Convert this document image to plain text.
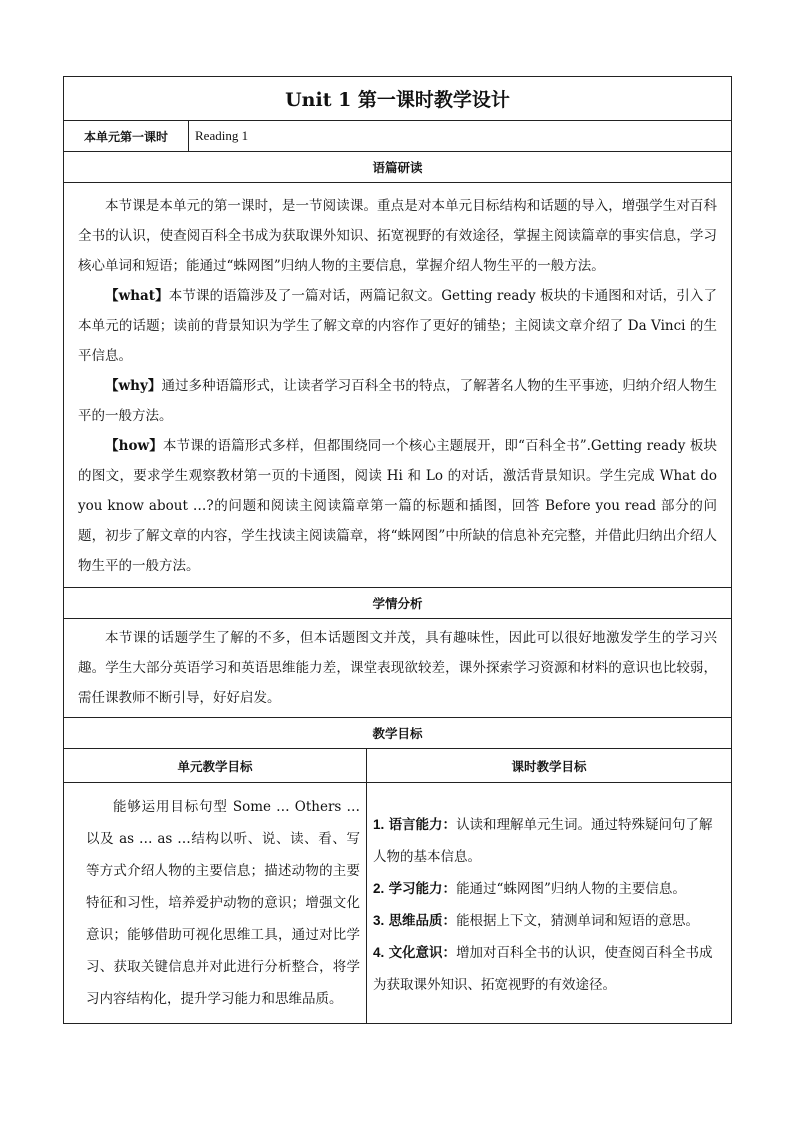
Unit 1 第一课时教学设计		
本单元第一课时	Reading 1	
语篇研读		

本节课是本单元的第一课时，是一节阅读课。重点是对本单元目标结构和话题的导入，增强学生对百科全书的认识，使查阅百科全书成为获取课外知识、拓宽视野的有效途径，掌握主阅读篇章的事实信息，学习核心单词和短语；能通过“蛛网图”归纳人物的主要信息，掌握介绍人物生平的一般方法。

【what】本节课的语篇涉及了一篇对话，两篇记叙文。Getting ready 板块的卡通图和对话，引入了本单元的话题；读前的背景知识为学生了解文章的内容作了更好的铺垫；主阅读文章介绍了 Da Vinci 的生平信息。

【why】通过多种语篇形式，让读者学习百科全书的特点，了解著名人物的生平事迹，归纳介绍人物生平的一般方法。

【how】本节课的语篇形式多样，但都围绕同一个核心主题展开，即“百科全书”.Getting ready 板块的图文，要求学生观察教材第一页的卡通图，阅读 Hi 和 Lo 的对话，激活背景知识。学生完成 What do you know about …?的问题和阅读主阅读篇章第一篇的标题和插图，回答 Before you read 部分的问题，初步了解文章的内容，学生找读主阅读篇章，将“蛛网图”中所缺的信息补充完整，并借此归纳出介绍人物生平的一般方法。		

学情分析		

本节课的话题学生了解的不多，但本话题图文并茂，具有趣味性，因此可以很好地激发学生的学习兴趣。学生大部分英语学习和英语思维能力差，课堂表现欲较差，课外探索学习资源和材料的意识也比较弱，需任课教师不断引导，好好启发。		

教学目标		
单元教学目标		课时教学目标

能够运用目标句型 Some … Others …以及 as … as …结构以听、说、读、看、写等方式介绍人物的主要信息；描述动物的主要特征和习性，培养爱护动物的意识；增强文化意识；能够借助可视化思维工具，通过对比学习、获取关键信息并对此进行分析整合，将学习内容结构化，提升学习能力和思维品质。		1. 语言能力：认读和理解单元生词。通过特殊疑问句了解人物的基本信息。

2. 学习能力：能通过“蛛网图”归纳人物的主要信息。

3. 思维品质：能根据上下文，猜测单词和短语的意思。

4. 文化意识：增加对百科全书的认识，使查阅百科全书成为获取课外知识、拓宽视野的有效途径。
